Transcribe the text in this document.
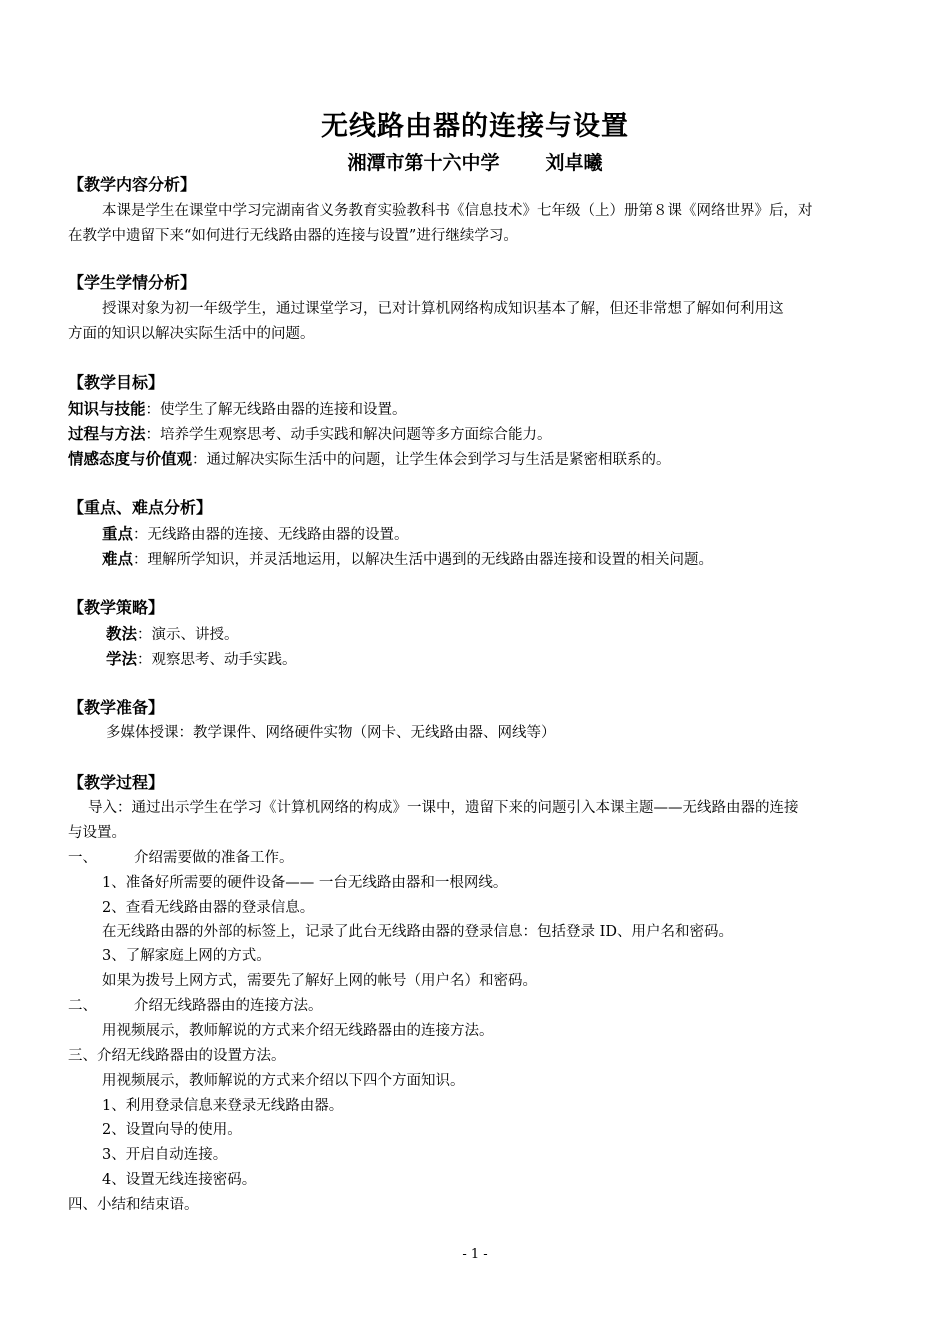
无线路由器的连接与设置
湘潭市第十六中学 刘卓曦
【教学内容分析】
本课是学生在课堂中学习完湖南省义务教育实验教科书《信息技术》七年级（上）册第８课《网络世界》后，对
在教学中遗留下来“如何进行无线路由器的连接与设置”进行继续学习。
【学生学情分析】
授课对象为初一年级学生，通过课堂学习，已对计算机网络构成知识基本了解，但还非常想了解如何利用这
方面的知识以解决实际生活中的问题。
【教学目标】
知识与技能：使学生了解无线路由器的连接和设置。
过程与方法：培养学生观察思考、动手实践和解决问题等多方面综合能力。
情感态度与价值观：通过解决实际生活中的问题，让学生体会到学习与生活是紧密相联系的。
【重点、难点分析】
重点：无线路由器的连接、无线路由器的设置。
难点：理解所学知识，并灵活地运用，以解决生活中遇到的无线路由器连接和设置的相关问题。
【教学策略】
教法：演示、讲授。
学法：观察思考、动手实践。
【教学准备】
多媒体授课：教学课件、网络硬件实物（网卡、无线路由器、网线等）
【教学过程】
导入：通过出示学生在学习《计算机网络的构成》一课中，遗留下来的问题引入本课主题——无线路由器的连接
与设置。
一、	介绍需要做的准备工作。
1、准备好所需要的硬件设备—— 一台无线路由器和一根网线。
2、查看无线路由器的登录信息。
在无线路由器的外部的标签上，记录了此台无线路由器的登录信息：包括登录 ID、用户名和密码。
3、了解家庭上网的方式。
如果为拨号上网方式，需要先了解好上网的帐号（用户名）和密码。
二、	介绍无线路器由的连接方法。
用视频展示，教师解说的方式来介绍无线路器由的连接方法。
三、介绍无线路器由的设置方法。
用视频展示，教师解说的方式来介绍以下四个方面知识。
1、利用登录信息来登录无线路由器。
2、设置向导的使用。
3、开启自动连接。
4、设置无线连接密码。
四、小结和结束语。
- 1 -
